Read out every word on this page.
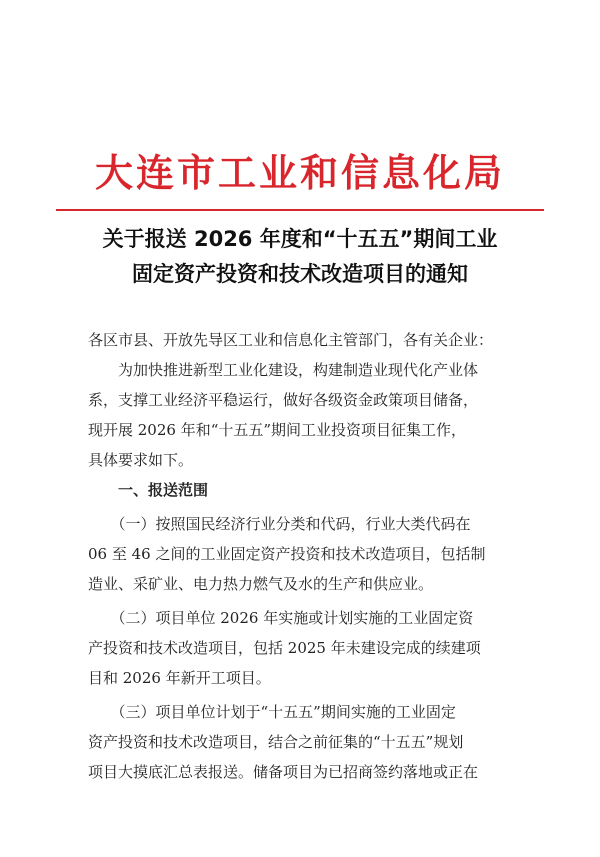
大连市工业和信息化局
关于报送 2026 年度和“十五五”期间工业
固定资产投资和技术改造项目的通知

各区市县、开放先导区工业和信息化主管部门，各有关企业：

　　为加快推进新型工业化建设，构建制造业现代化产业体

系，支撑工业经济平稳运行，做好各级资金政策项目储备，

现开展 2026 年和“十五五”期间工业投资项目征集工作，

具体要求如下。

　　一、报送范围

　　（一）按照国民经济行业分类和代码，行业大类代码在

06 至 46 之间的工业固定资产投资和技术改造项目，包括制

造业、采矿业、电力热力燃气及水的生产和供应业。

　　（二）项目单位 2026 年实施或计划实施的工业固定资

产投资和技术改造项目，包括 2025 年未建设完成的续建项

目和 2026 年新开工项目。

　　（三）项目单位计划于“十五五”期间实施的工业固定

资产投资和技术改造项目，结合之前征集的“十五五”规划

项目大摸底汇总表报送。储备项目为已招商签约落地或正在
